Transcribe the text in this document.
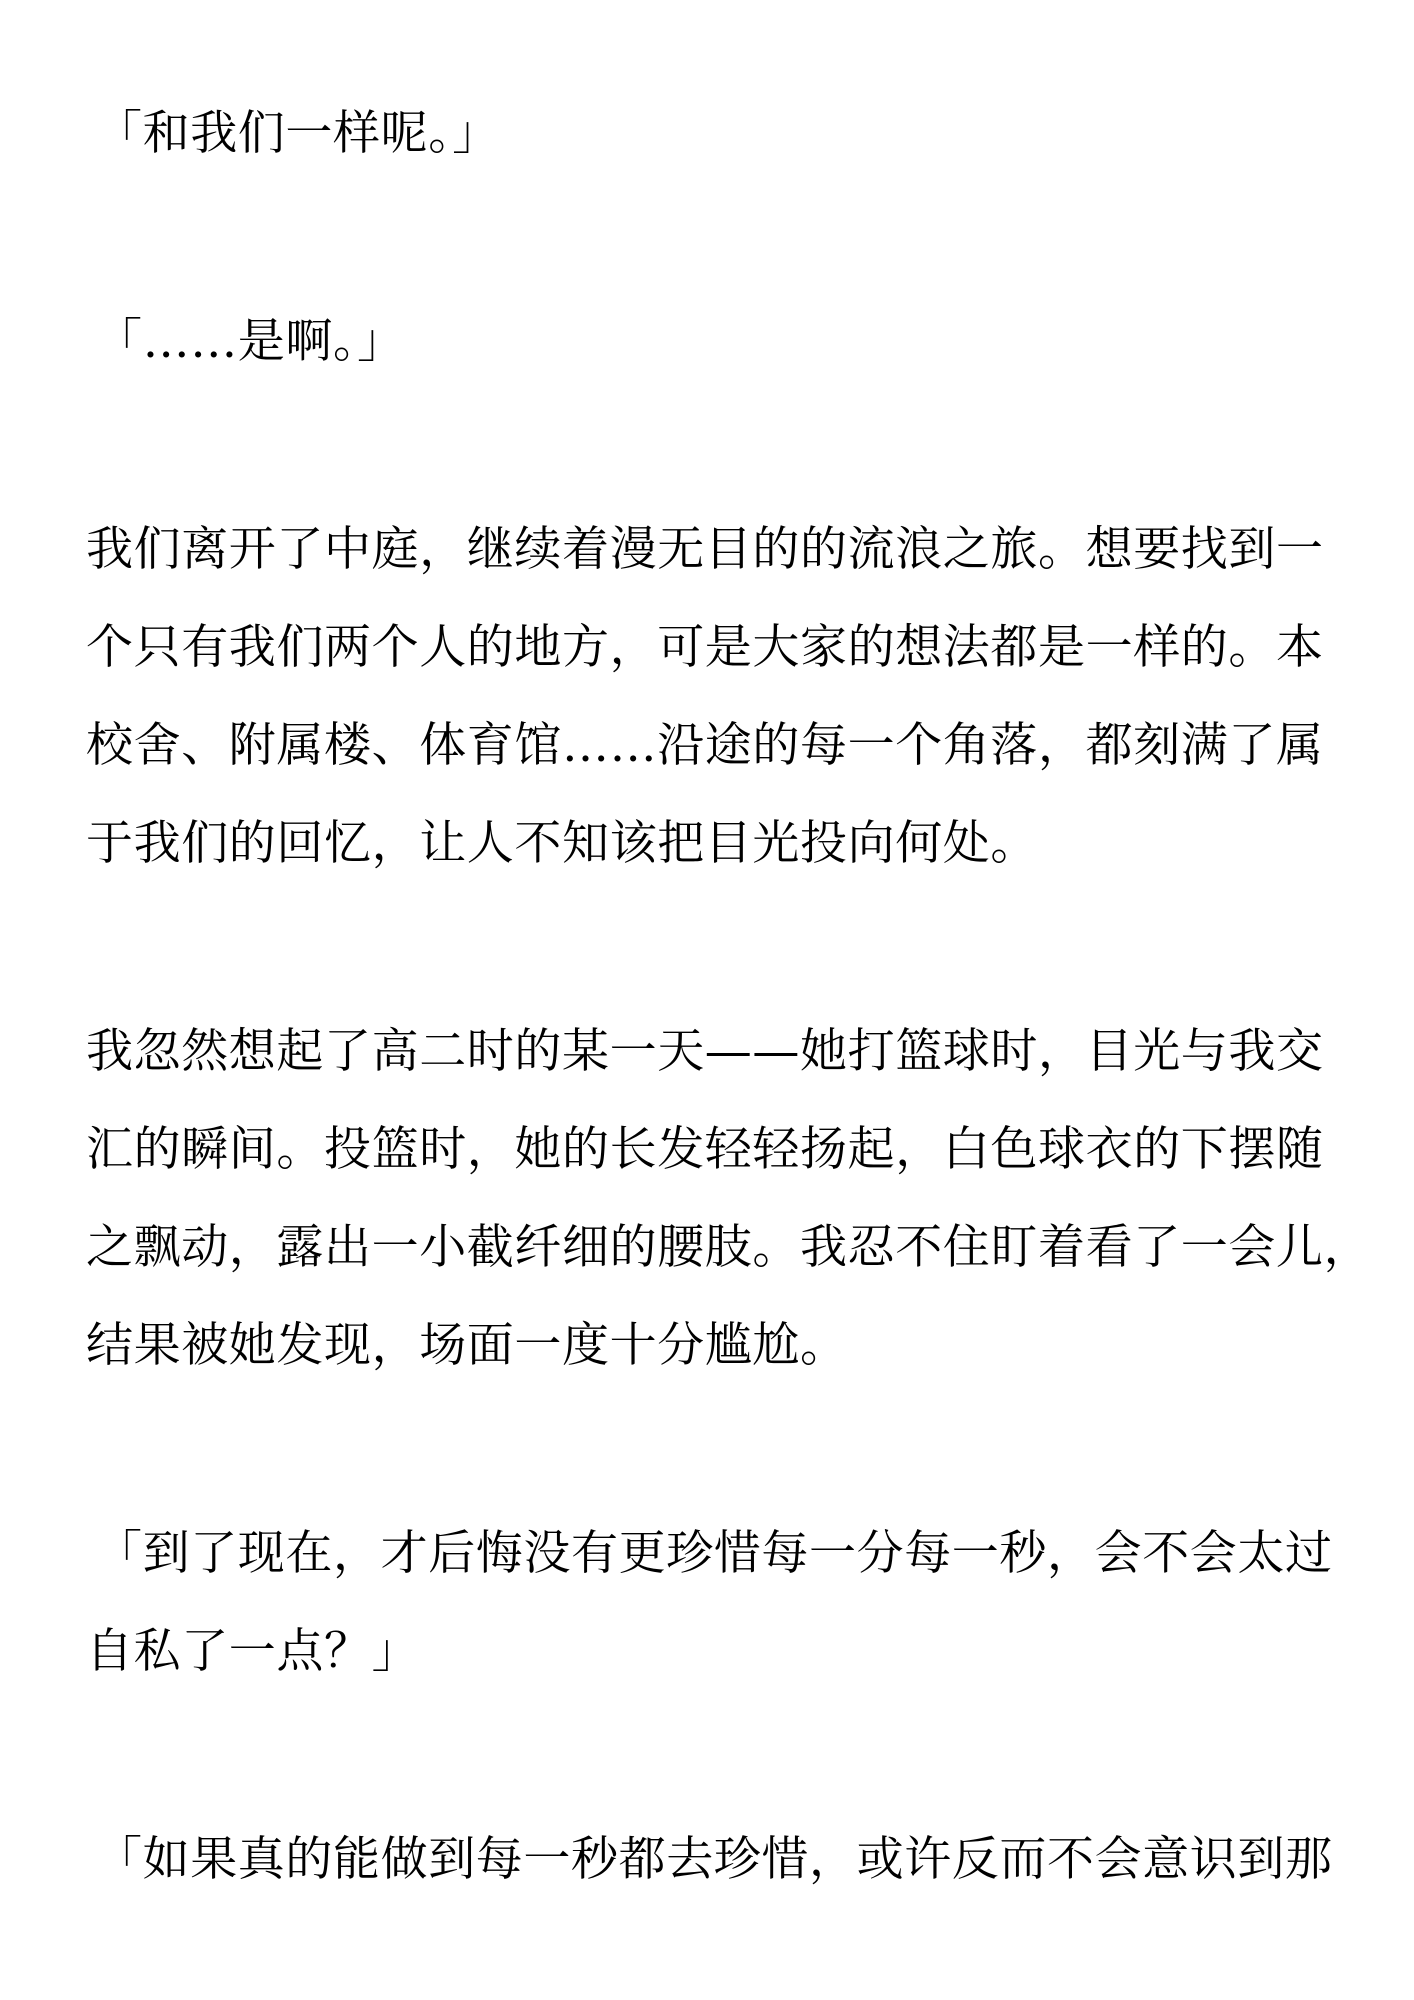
「和我们一样呢。」

「……是啊。」

我们离开了中庭，继续着漫无目的的流浪之旅。想要找到一

个只有我们两个人的地方，可是大家的想法都是一样的。本

校舍、附属楼、体育馆……沿途的每一个角落，都刻满了属

于我们的回忆，让人不知该把目光投向何处。

我忽然想起了高二时的某一天——她打篮球时，目光与我交

汇的瞬间。投篮时，她的长发轻轻扬起，白色球衣的下摆随

之飘动，露出一小截纤细的腰肢。我忍不住盯着看了一会儿，

结果被她发现，场面一度十分尴尬。

「到了现在，才后悔没有更珍惜每一分每一秒，会不会太过

自私了一点？」

「如果真的能做到每一秒都去珍惜，或许反而不会意识到那
